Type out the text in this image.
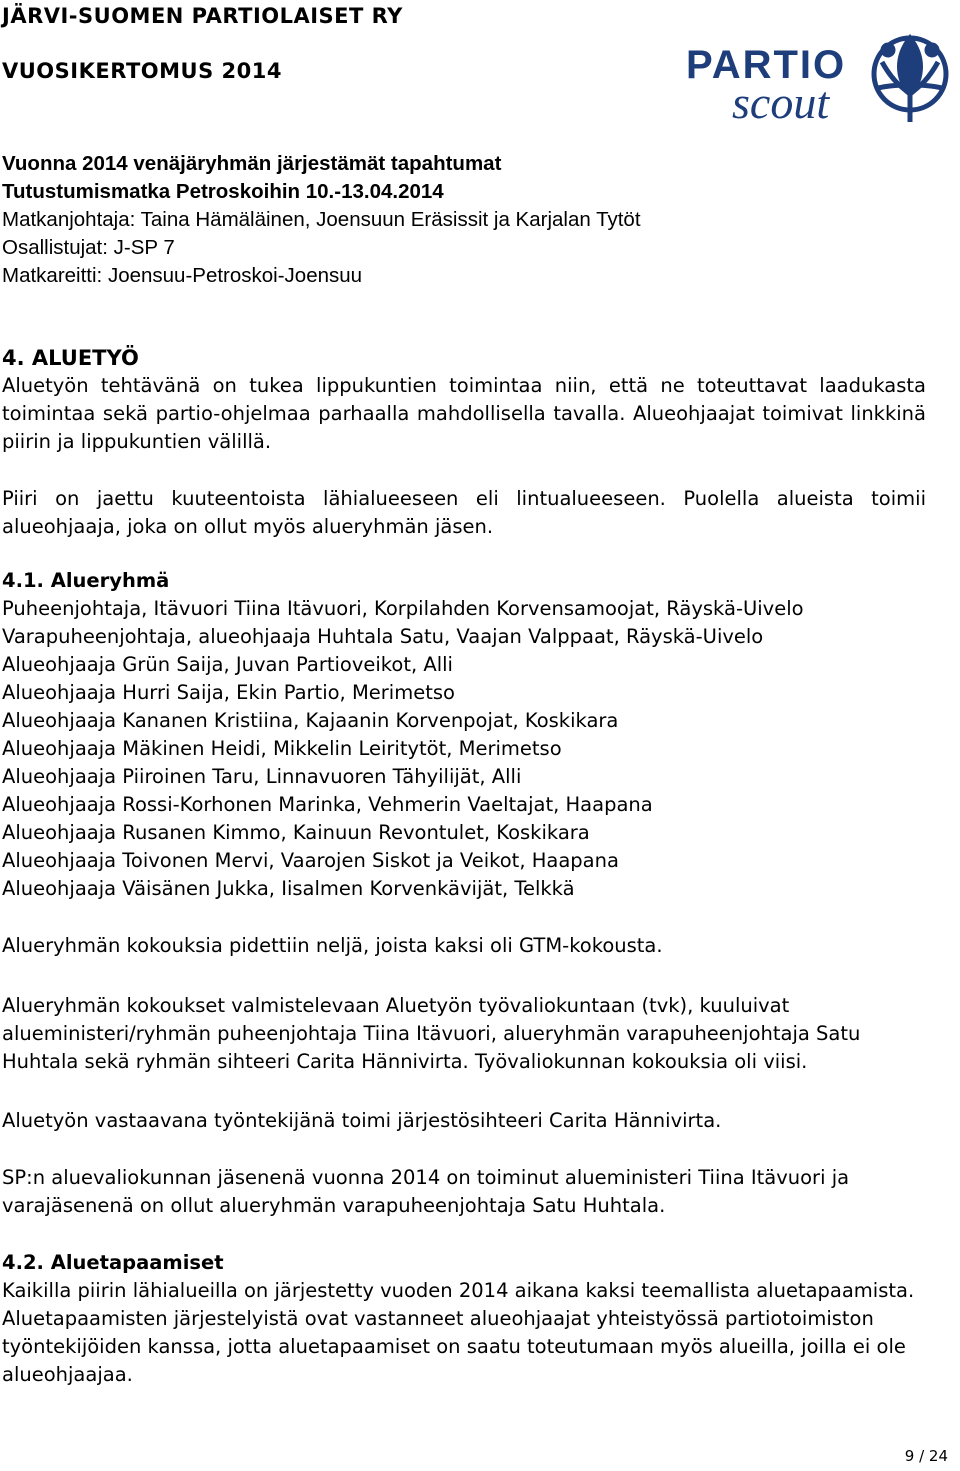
JÄRVI-SUOMEN PARTIOLAISET RY
VUOSIKERTOMUS 2014	PARTIO
scout

Vuonna 2014 venäjäryhmän järjestämät tapahtumat

Tutustumismatka Petroskoihin 10.-13.04.2014

Matkanjohtaja: Taina Hämäläinen, Joensuun Eräsissit ja Karjalan Tytöt

Osallistujat: J-SP 7

Matkareitti: Joensuu-Petroskoi-Joensuu

4. ALUETYÖ

Aluetyön tehtävänä on tukea lippukuntien toimintaa niin, että ne toteuttavat laadukasta toimintaa sekä partio-ohjelmaa parhaalla mahdollisella tavalla. Alueohjaajat toimivat linkkinä piirin ja lippukuntien välillä.

Piiri on jaettu kuuteentoista lähialueeseen eli lintualueeseen. Puolella alueista toimii alueohjaaja, joka on ollut myös alueryhmän jäsen.

4.1. Alueryhmä

Puheenjohtaja, Itävuori Tiina Itävuori, Korpilahden Korvensamoojat, Räyskä-Uivelo

Varapuheenjohtaja, alueohjaaja Huhtala Satu, Vaajan Valppaat, Räyskä-Uivelo

Alueohjaaja Grün Saija, Juvan Partioveikot, Alli

Alueohjaaja Hurri Saija, Ekin Partio, Merimetso

Alueohjaaja Kananen Kristiina, Kajaanin Korvenpojat, Koskikara

Alueohjaaja Mäkinen Heidi, Mikkelin Leiritytöt, Merimetso

Alueohjaaja Piiroinen Taru, Linnavuoren Tähyilijät, Alli

Alueohjaaja Rossi-Korhonen Marinka, Vehmerin Vaeltajat, Haapana

Alueohjaaja Rusanen Kimmo, Kainuun Revontulet, Koskikara

Alueohjaaja Toivonen Mervi, Vaarojen Siskot ja Veikot, Haapana

Alueohjaaja Väisänen Jukka, Iisalmen Korvenkävijät, Telkkä

Alueryhmän kokouksia pidettiin neljä, joista kaksi oli GTM-kokousta.
Alueryhmän kokoukset valmistelevaan Aluetyön työvaliokuntaan (tvk), kuuluivat alueministeri/ryhmän puheenjohtaja Tiina Itävuori, alueryhmän varapuheenjohtaja Satu Huhtala sekä ryhmän sihteeri Carita Hännivirta. Työvaliokunnan kokouksia oli viisi.
Aluetyön vastaavana työntekijänä toimi järjestösihteeri Carita Hännivirta.
SP:n aluevaliokunnan jäsenenä vuonna 2014 on toiminut alueministeri Tiina Itävuori ja varajäsenenä on ollut alueryhmän varapuheenjohtaja Satu Huhtala.

4.2. Aluetapaamiset

Kaikilla piirin lähialueilla on järjestetty vuoden 2014 aikana kaksi teemallista aluetapaamista. Aluetapaamisten järjestelyistä ovat vastanneet alueohjaajat yhteistyössä partiotoimiston työntekijöiden kanssa, jotta aluetapaamiset on saatu toteutumaan myös alueilla, joilla ei ole alueohjaajaa.

9 / 24
